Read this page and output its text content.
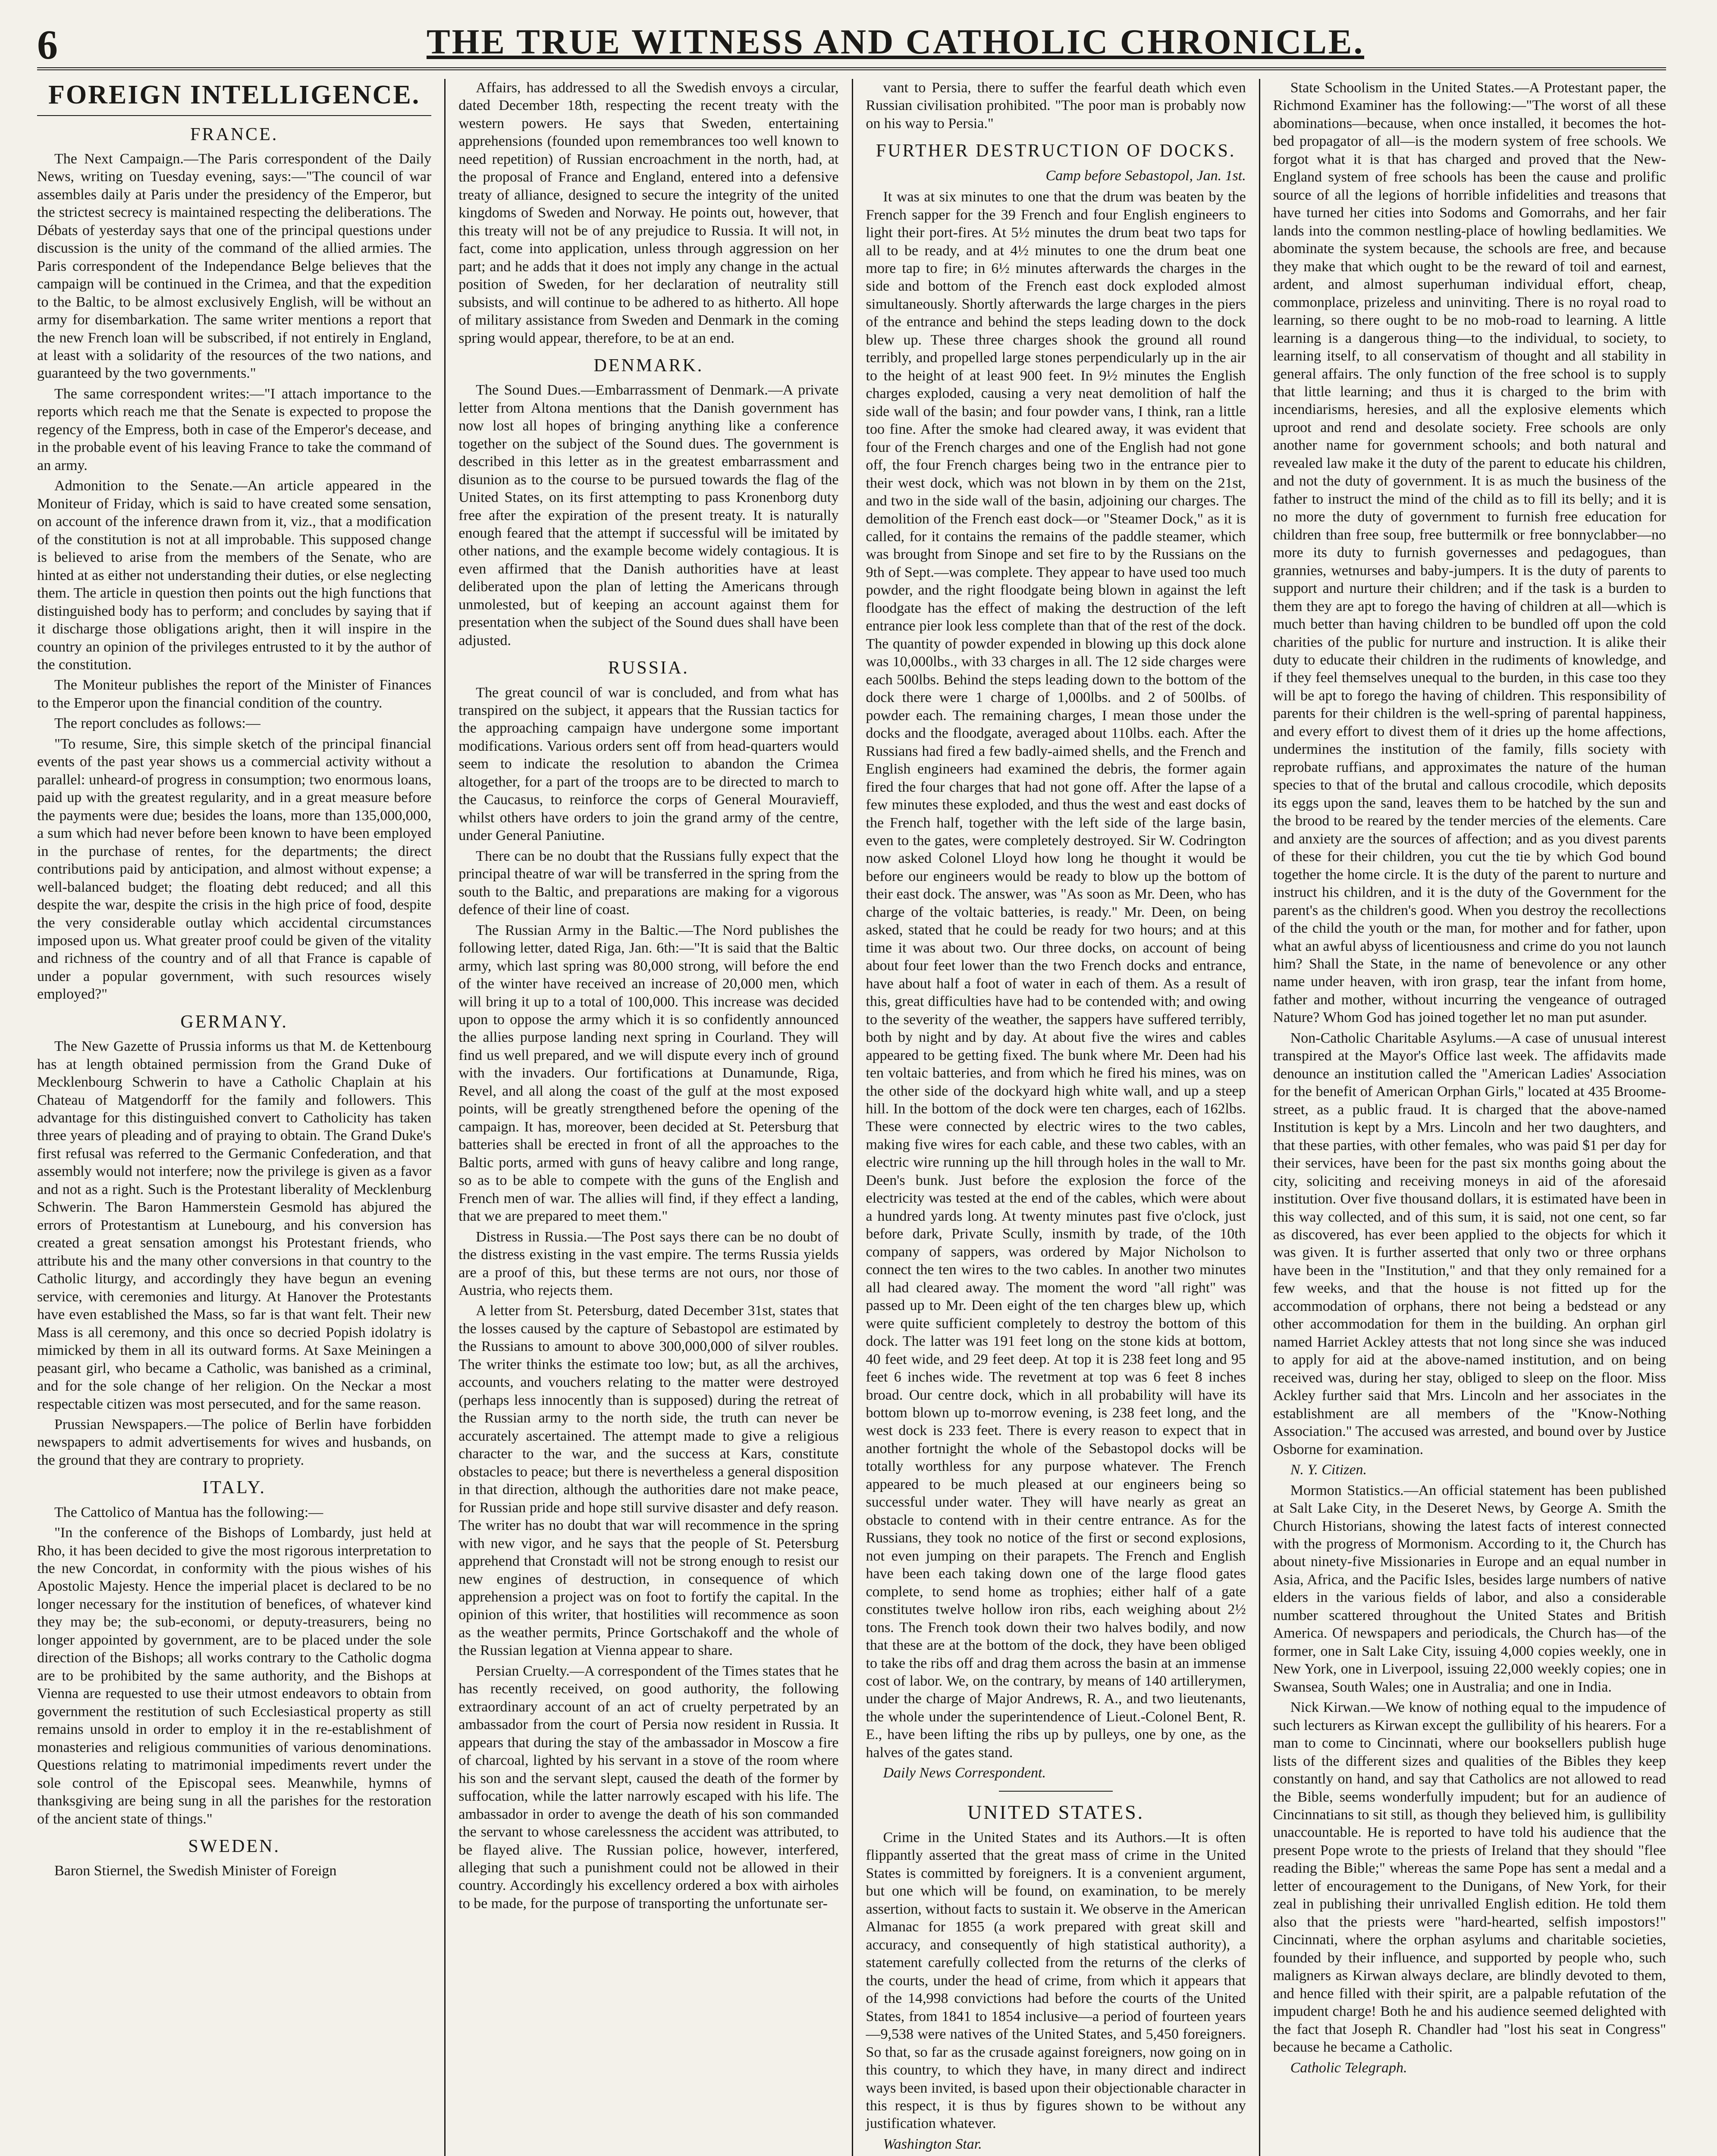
6	THE TRUE WITNESS AND CATHOLIC CHRONICLE.
FOREIGN INTELLIGENCE.
FRANCE.

The Next Campaign.—The Paris correspondent of the Daily News, writing on Tuesday evening, says:—"The council of war assembles daily at Paris under the presidency of the Emperor, but the strictest secrecy is maintained respecting the deliberations. The Débats of yesterday says that one of the principal questions under discussion is the unity of the command of the allied armies. The Paris correspondent of the Independance Belge believes that the campaign will be continued in the Crimea, and that the expedition to the Baltic, to be almost exclusively English, will be without an army for disembarkation. The same writer mentions a report that the new French loan will be subscribed, if not entirely in England, at least with a solidarity of the resources of the two nations, and guaranteed by the two governments."

The same correspondent writes:—"I attach importance to the reports which reach me that the Senate is expected to propose the regency of the Empress, both in case of the Emperor's decease, and in the probable event of his leaving France to take the command of an army.

Admonition to the Senate.—An article appeared in the Moniteur of Friday, which is said to have created some sensation, on account of the inference drawn from it, viz., that a modification of the constitution is not at all improbable. This supposed change is believed to arise from the members of the Senate, who are hinted at as either not understanding their duties, or else neglecting them. The article in question then points out the high functions that distinguished body has to perform; and concludes by saying that if it discharge those obligations aright, then it will inspire in the country an opinion of the privileges entrusted to it by the author of the constitution.

The Moniteur publishes the report of the Minister of Finances to the Emperor upon the financial condition of the country.

The report concludes as follows:—

"To resume, Sire, this simple sketch of the principal financial events of the past year shows us a commercial activity without a parallel: unheard-of progress in consumption; two enormous loans, paid up with the greatest regularity, and in a great measure before the payments were due; besides the loans, more than 135,000,000, a sum which had never before been known to have been employed in the purchase of rentes, for the departments; the direct contributions paid by anticipation, and almost without expense; a well-balanced budget; the floating debt reduced; and all this despite the war, despite the crisis in the high price of food, despite the very considerable outlay which accidental circumstances imposed upon us. What greater proof could be given of the vitality and richness of the country and of all that France is capable of under a popular government, with such resources wisely employed?"

GERMANY.

The New Gazette of Prussia informs us that M. de Kettenbourg has at length obtained permission from the Grand Duke of Mecklenbourg Schwerin to have a Catholic Chaplain at his Chateau of Matgendorff for the family and followers. This advantage for this distinguished convert to Catholicity has taken three years of pleading and of praying to obtain. The Grand Duke's first refusal was referred to the Germanic Confederation, and that assembly would not interfere; now the privilege is given as a favor and not as a right. Such is the Protestant liberality of Mecklenburg Schwerin. The Baron Hammerstein Gesmold has abjured the errors of Protestantism at Lunebourg, and his conversion has created a great sensation amongst his Protestant friends, who attribute his and the many other conversions in that country to the Catholic liturgy, and accordingly they have begun an evening service, with ceremonies and liturgy. At Hanover the Protestants have even established the Mass, so far is that want felt. Their new Mass is all ceremony, and this once so decried Popish idolatry is mimicked by them in all its outward forms. At Saxe Meiningen a peasant girl, who became a Catholic, was banished as a criminal, and for the sole change of her religion. On the Neckar a most respectable citizen was most persecuted, and for the same reason.

Prussian Newspapers.—The police of Berlin have forbidden newspapers to admit advertisements for wives and husbands, on the ground that they are contrary to propriety.

ITALY.

The Cattolico of Mantua has the following:—

"In the conference of the Bishops of Lombardy, just held at Rho, it has been decided to give the most rigorous interpretation to the new Concordat, in conformity with the pious wishes of his Apostolic Majesty. Hence the imperial placet is declared to be no longer necessary for the institution of benefices, of whatever kind they may be; the sub-economi, or deputy-treasurers, being no longer appointed by government, are to be placed under the sole direction of the Bishops; all works contrary to the Catholic dogma are to be prohibited by the same authority, and the Bishops at Vienna are requested to use their utmost endeavors to obtain from government the restitution of such Ecclesiastical property as still remains unsold in order to employ it in the re-establishment of monasteries and religious communities of various denominations. Questions relating to matrimonial impediments revert under the sole control of the Episcopal sees. Meanwhile, hymns of thanksgiving are being sung in all the parishes for the restoration of the ancient state of things."

SWEDEN.

Baron Stiernel, the Swedish Minister of Foreign

Affairs, has addressed to all the Swedish envoys a circular, dated December 18th, respecting the recent treaty with the western powers. He says that Sweden, entertaining apprehensions (founded upon remembrances too well known to need repetition) of Russian encroachment in the north, had, at the proposal of France and England, entered into a defensive treaty of alliance, designed to secure the integrity of the united kingdoms of Sweden and Norway. He points out, however, that this treaty will not be of any prejudice to Russia. It will not, in fact, come into application, unless through aggression on her part; and he adds that it does not imply any change in the actual position of Sweden, for her declaration of neutrality still subsists, and will continue to be adhered to as hitherto. All hope of military assistance from Sweden and Denmark in the coming spring would appear, therefore, to be at an end.

DENMARK.

The Sound Dues.—Embarrassment of Denmark.—A private letter from Altona mentions that the Danish government has now lost all hopes of bringing anything like a conference together on the subject of the Sound dues. The government is described in this letter as in the greatest embarrassment and disunion as to the course to be pursued towards the flag of the United States, on its first attempting to pass Kronenborg duty free after the expiration of the present treaty. It is naturally enough feared that the attempt if successful will be imitated by other nations, and the example become widely contagious. It is even affirmed that the Danish authorities have at least deliberated upon the plan of letting the Americans through unmolested, but of keeping an account against them for presentation when the subject of the Sound dues shall have been adjusted.

RUSSIA.

The great council of war is concluded, and from what has transpired on the subject, it appears that the Russian tactics for the approaching campaign have undergone some important modifications. Various orders sent off from head-quarters would seem to indicate the resolution to abandon the Crimea altogether, for a part of the troops are to be directed to march to the Caucasus, to reinforce the corps of General Mouravieff, whilst others have orders to join the grand army of the centre, under General Paniutine.

There can be no doubt that the Russians fully expect that the principal theatre of war will be transferred in the spring from the south to the Baltic, and preparations are making for a vigorous defence of their line of coast.

The Russian Army in the Baltic.—The Nord publishes the following letter, dated Riga, Jan. 6th:—"It is said that the Baltic army, which last spring was 80,000 strong, will before the end of the winter have received an increase of 20,000 men, which will bring it up to a total of 100,000. This increase was decided upon to oppose the army which it is so confidently announced the allies purpose landing next spring in Courland. They will find us well prepared, and we will dispute every inch of ground with the invaders. Our fortifications at Dunamunde, Riga, Revel, and all along the coast of the gulf at the most exposed points, will be greatly strengthened before the opening of the campaign. It has, moreover, been decided at St. Petersburg that batteries shall be erected in front of all the approaches to the Baltic ports, armed with guns of heavy calibre and long range, so as to be able to compete with the guns of the English and French men of war. The allies will find, if they effect a landing, that we are prepared to meet them."

Distress in Russia.—The Post says there can be no doubt of the distress existing in the vast empire. The terms Russia yields are a proof of this, but these terms are not ours, nor those of Austria, who rejects them.

A letter from St. Petersburg, dated December 31st, states that the losses caused by the capture of Sebastopol are estimated by the Russians to amount to above 300,000,000 of silver roubles. The writer thinks the estimate too low; but, as all the archives, accounts, and vouchers relating to the matter were destroyed (perhaps less innocently than is supposed) during the retreat of the Russian army to the north side, the truth can never be accurately ascertained. The attempt made to give a religious character to the war, and the success at Kars, constitute obstacles to peace; but there is nevertheless a general disposition in that direction, although the authorities dare not make peace, for Russian pride and hope still survive disaster and defy reason. The writer has no doubt that war will recommence in the spring with new vigor, and he says that the people of St. Petersburg apprehend that Cronstadt will not be strong enough to resist our new engines of destruction, in consequence of which apprehension a project was on foot to fortify the capital. In the opinion of this writer, that hostilities will recommence as soon as the weather permits, Prince Gortschakoff and the whole of the Russian legation at Vienna appear to share.

Persian Cruelty.—A correspondent of the Times states that he has recently received, on good authority, the following extraordinary account of an act of cruelty perpetrated by an ambassador from the court of Persia now resident in Russia. It appears that during the stay of the ambassador in Moscow a fire of charcoal, lighted by his servant in a stove of the room where his son and the servant slept, caused the death of the former by suffocation, while the latter narrowly escaped with his life. The ambassador in order to avenge the death of his son commanded the servant to whose carelessness the accident was attributed, to be flayed alive. The Russian police, however, interfered, alleging that such a punishment could not be allowed in their country. Accordingly his excellency ordered a box with airholes to be made, for the purpose of transporting the unfortunate ser-

vant to Persia, there to suffer the fearful death which even Russian civilisation prohibited. "The poor man is probably now on his way to Persia."

FURTHER DESTRUCTION OF DOCKS.
Camp before Sebastopol, Jan. 1st.

It was at six minutes to one that the drum was beaten by the French sapper for the 39 French and four English engineers to light their port-fires. At 5½ minutes the drum beat two taps for all to be ready, and at 4½ minutes to one the drum beat one more tap to fire; in 6½ minutes afterwards the charges in the side and bottom of the French east dock exploded almost simultaneously. Shortly afterwards the large charges in the piers of the entrance and behind the steps leading down to the dock blew up. These three charges shook the ground all round terribly, and propelled large stones perpendicularly up in the air to the height of at least 900 feet. In 9½ minutes the English charges exploded, causing a very neat demolition of half the side wall of the basin; and four powder vans, I think, ran a little too fine. After the smoke had cleared away, it was evident that four of the French charges and one of the English had not gone off, the four French charges being two in the entrance pier to their west dock, which was not blown in by them on the 21st, and two in the side wall of the basin, adjoining our charges. The demolition of the French east dock—or "Steamer Dock," as it is called, for it contains the remains of the paddle steamer, which was brought from Sinope and set fire to by the Russians on the 9th of Sept.—was complete. They appear to have used too much powder, and the right floodgate being blown in against the left floodgate has the effect of making the destruction of the left entrance pier look less complete than that of the rest of the dock. The quantity of powder expended in blowing up this dock alone was 10,000lbs., with 33 charges in all. The 12 side charges were each 500lbs. Behind the steps leading down to the bottom of the dock there were 1 charge of 1,000lbs. and 2 of 500lbs. of powder each. The remaining charges, I mean those under the docks and the floodgate, averaged about 110lbs. each. After the Russians had fired a few badly-aimed shells, and the French and English engineers had examined the debris, the former again fired the four charges that had not gone off. After the lapse of a few minutes these exploded, and thus the west and east docks of the French half, together with the left side of the large basin, even to the gates, were completely destroyed. Sir W. Codrington now asked Colonel Lloyd how long he thought it would be before our engineers would be ready to blow up the bottom of their east dock. The answer, was "As soon as Mr. Deen, who has charge of the voltaic batteries, is ready." Mr. Deen, on being asked, stated that he could be ready for two hours; and at this time it was about two. Our three docks, on account of being about four feet lower than the two French docks and entrance, have about half a foot of water in each of them. As a result of this, great difficulties have had to be contended with; and owing to the severity of the weather, the sappers have suffered terribly, both by night and by day. At about five the wires and cables appeared to be getting fixed. The bunk where Mr. Deen had his ten voltaic batteries, and from which he fired his mines, was on the other side of the dockyard high white wall, and up a steep hill. In the bottom of the dock were ten charges, each of 162lbs. These were connected by electric wires to the two cables, making five wires for each cable, and these two cables, with an electric wire running up the hill through holes in the wall to Mr. Deen's bunk. Just before the explosion the force of the electricity was tested at the end of the cables, which were about a hundred yards long. At twenty minutes past five o'clock, just before dark, Private Scully, insmith by trade, of the 10th company of sappers, was ordered by Major Nicholson to connect the ten wires to the two cables. In another two minutes all had cleared away. The moment the word "all right" was passed up to Mr. Deen eight of the ten charges blew up, which were quite sufficient completely to destroy the bottom of this dock. The latter was 191 feet long on the stone kids at bottom, 40 feet wide, and 29 feet deep. At top it is 238 feet long and 95 feet 6 inches wide. The revetment at top was 6 feet 8 inches broad. Our centre dock, which in all probability will have its bottom blown up to-morrow evening, is 238 feet long, and the west dock is 233 feet. There is every reason to expect that in another fortnight the whole of the Sebastopol docks will be totally worthless for any purpose whatever. The French appeared to be much pleased at our engineers being so successful under water. They will have nearly as great an obstacle to contend with in their centre entrance. As for the Russians, they took no notice of the first or second explosions, not even jumping on their parapets. The French and English have been each taking down one of the large flood gates complete, to send home as trophies; either half of a gate constitutes twelve hollow iron ribs, each weighing about 2½ tons. The French took down their two halves bodily, and now that these are at the bottom of the dock, they have been obliged to take the ribs off and drag them across the basin at an immense cost of labor. We, on the contrary, by means of 140 artillerymen, under the charge of Major Andrews, R. A., and two lieutenants, the whole under the superintendence of Lieut.-Colonel Bent, R. E., have been lifting the ribs up by pulleys, one by one, as the halves of the gates stand.

Daily News Correspondent.

UNITED STATES.

Crime in the United States and its Authors.—It is often flippantly asserted that the great mass of crime in the United States is committed by foreigners. It is a convenient argument, but one which will be found, on examination, to be merely assertion, without facts to sustain it. We observe in the American Almanac for 1855 (a work prepared with great skill and accuracy, and consequently of high statistical authority), a statement carefully collected from the returns of the clerks of the courts, under the head of crime, from which it appears that of the 14,998 convictions had before the courts of the United States, from 1841 to 1854 inclusive—a period of fourteen years—9,538 were natives of the United States, and 5,450 foreigners. So that, so far as the crusade against foreigners, now going on in this country, to which they have, in many direct and indirect ways been invited, is based upon their objectionable character in this respect, it is thus by figures shown to be without any justification whatever.

Washington Star.

State Schoolism in the United States.—A Protestant paper, the Richmond Examiner has the following:—"The worst of all these abominations—because, when once installed, it becomes the hot-bed propagator of all—is the modern system of free schools. We forgot what it is that has charged and proved that the New-England system of free schools has been the cause and prolific source of all the legions of horrible infidelities and treasons that have turned her cities into Sodoms and Gomorrahs, and her fair lands into the common nestling-place of howling bedlamities. We abominate the system because, the schools are free, and because they make that which ought to be the reward of toil and earnest, ardent, and almost superhuman individual effort, cheap, commonplace, prizeless and uninviting. There is no royal road to learning, so there ought to be no mob-road to learning. A little learning is a dangerous thing—to the individual, to society, to learning itself, to all conservatism of thought and all stability in general affairs. The only function of the free school is to supply that little learning; and thus it is charged to the brim with incendiarisms, heresies, and all the explosive elements which uproot and rend and desolate society. Free schools are only another name for government schools; and both natural and revealed law make it the duty of the parent to educate his children, and not the duty of government. It is as much the business of the father to instruct the mind of the child as to fill its belly; and it is no more the duty of government to furnish free education for children than free soup, free buttermilk or free bonnyclabber—no more its duty to furnish governesses and pedagogues, than grannies, wetnurses and baby-jumpers. It is the duty of parents to support and nurture their children; and if the task is a burden to them they are apt to forego the having of children at all—which is much better than having children to be bundled off upon the cold charities of the public for nurture and instruction. It is alike their duty to educate their children in the rudiments of knowledge, and if they feel themselves unequal to the burden, in this case too they will be apt to forego the having of children. This responsibility of parents for their children is the well-spring of parental happiness, and every effort to divest them of it dries up the home affections, undermines the institution of the family, fills society with reprobate ruffians, and approximates the nature of the human species to that of the brutal and callous crocodile, which deposits its eggs upon the sand, leaves them to be hatched by the sun and the brood to be reared by the tender mercies of the elements. Care and anxiety are the sources of affection; and as you divest parents of these for their children, you cut the tie by which God bound together the home circle. It is the duty of the parent to nurture and instruct his children, and it is the duty of the Government for the parent's as the children's good. When you destroy the recollections of the child the youth or the man, for mother and for father, upon what an awful abyss of licentiousness and crime do you not launch him? Shall the State, in the name of benevolence or any other name under heaven, with iron grasp, tear the infant from home, father and mother, without incurring the vengeance of outraged Nature? Whom God has joined together let no man put asunder.

Non-Catholic Charitable Asylums.—A case of unusual interest transpired at the Mayor's Office last week. The affidavits made denounce an institution called the "American Ladies' Association for the benefit of American Orphan Girls," located at 435 Broome-street, as a public fraud. It is charged that the above-named Institution is kept by a Mrs. Lincoln and her two daughters, and that these parties, with other females, who was paid $1 per day for their services, have been for the past six months going about the city, soliciting and receiving moneys in aid of the aforesaid institution. Over five thousand dollars, it is estimated have been in this way collected, and of this sum, it is said, not one cent, so far as discovered, has ever been applied to the objects for which it was given. It is further asserted that only two or three orphans have been in the "Institution," and that they only remained for a few weeks, and that the house is not fitted up for the accommodation of orphans, there not being a bedstead or any other accommodation for them in the building. An orphan girl named Harriet Ackley attests that not long since she was induced to apply for aid at the above-named institution, and on being received was, during her stay, obliged to sleep on the floor. Miss Ackley further said that Mrs. Lincoln and her associates in the establishment are all members of the "Know-Nothing Association." The accused was arrested, and bound over by Justice Osborne for examination.

N. Y. Citizen.

Mormon Statistics.—An official statement has been published at Salt Lake City, in the Deseret News, by George A. Smith the Church Historians, showing the latest facts of interest connected with the progress of Mormonism. According to it, the Church has about ninety-five Missionaries in Europe and an equal number in Asia, Africa, and the Pacific Isles, besides large numbers of native elders in the various fields of labor, and also a considerable number scattered throughout the United States and British America. Of newspapers and periodicals, the Church has—of the former, one in Salt Lake City, issuing 4,000 copies weekly, one in New York, one in Liverpool, issuing 22,000 weekly copies; one in Swansea, South Wales; one in Australia; and one in India.

Nick Kirwan.—We know of nothing equal to the impudence of such lecturers as Kirwan except the gullibility of his hearers. For a man to come to Cincinnati, where our booksellers publish huge lists of the different sizes and qualities of the Bibles they keep constantly on hand, and say that Catholics are not allowed to read the Bible, seems wonderfully impudent; but for an audience of Cincinnatians to sit still, as though they believed him, is gullibility unaccountable. He is reported to have told his audience that the present Pope wrote to the priests of Ireland that they should "flee reading the Bible;" whereas the same Pope has sent a medal and a letter of encouragement to the Dunigans, of New York, for their zeal in publishing their unrivalled English edition. He told them also that the priests were "hard-hearted, selfish impostors!" Cincinnati, where the orphan asylums and charitable societies, founded by their influence, and supported by people who, such maligners as Kirwan always declare, are blindly devoted to them, and hence filled with their spirit, are a palpable refutation of the impudent charge! Both he and his audience seemed delighted with the fact that Joseph R. Chandler had "lost his seat in Congress" because he became a Catholic.

Catholic Telegraph.
